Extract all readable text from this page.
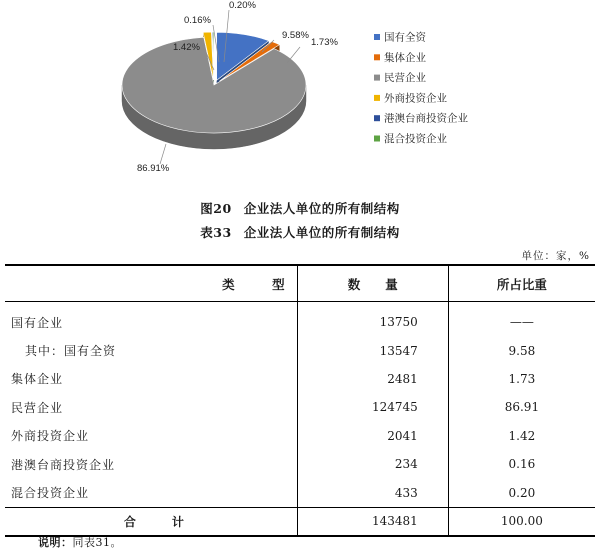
9.58%
1.73%
86.91%
1.42%
0.16%
0.20%
国有全资
集体企业
民营企业
外商投资企业
港澳台商投资企业
混合投资企业
图20 企业法人单位的所有制结构
表33 企业法人单位的所有制结构
单位：家，%
类　　　型	数　　量	所占比重
国有企业	13750	——
其中：国有全资	13547	9.58
集体企业	2481	1.73
民营企业	124745	86.91
外商投资企业	2041	1.42
港澳台商投资企业	234	0.16
混合投资企业	433	0.20
合　　　计	143481	100.00
说明：同表31。
